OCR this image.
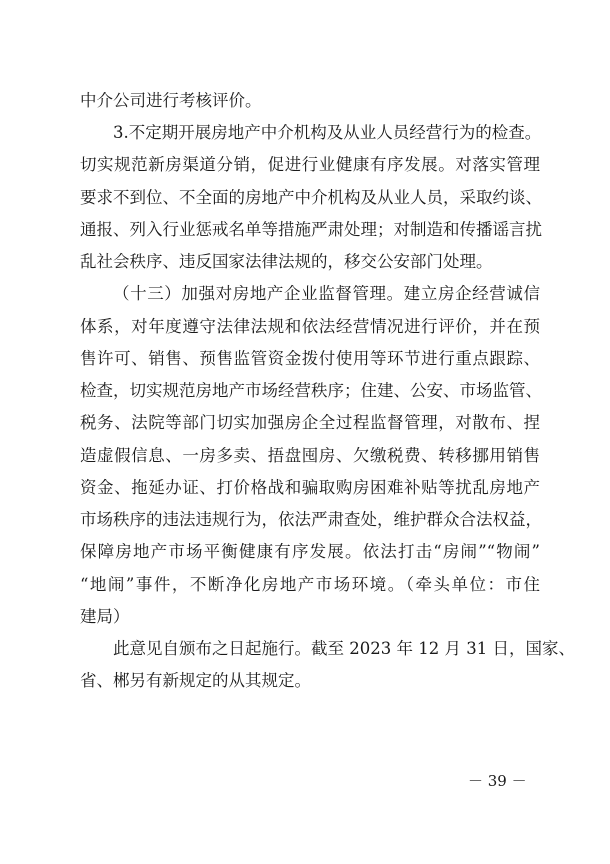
中介公司进行考核评价。
3.不定期开展房地产中介机构及从业人员经营行为的检查。
切实规范新房渠道分销，促进行业健康有序发展。对落实管理
要求不到位、不全面的房地产中介机构及从业人员，采取约谈、
通报、列入行业惩戒名单等措施严肃处理；对制造和传播谣言扰
乱社会秩序、违反国家法律法规的，移交公安部门处理。
（十三）加强对房地产企业监督管理。建立房企经营诚信
体系，对年度遵守法律法规和依法经营情况进行评价，并在预
售许可、销售、预售监管资金拨付使用等环节进行重点跟踪、
检查，切实规范房地产市场经营秩序；住建、公安、市场监管、
税务、法院等部门切实加强房企全过程监督管理，对散布、捏
造虚假信息、一房多卖、捂盘囤房、欠缴税费、转移挪用销售
资金、拖延办证、打价格战和骗取购房困难补贴等扰乱房地产
市场秩序的违法违规行为，依法严肃查处，维护群众合法权益，
保障房地产市场平衡健康有序发展。依法打击“房闹”“物闹”
“地闹”事件，不断净化房地产市场环境。（牵头单位：市住
建局）
此意见自颁布之日起施行。截至 2023 年 12 月 31 日，国家、
省、郴另有新规定的从其规定。
－ 39 －
